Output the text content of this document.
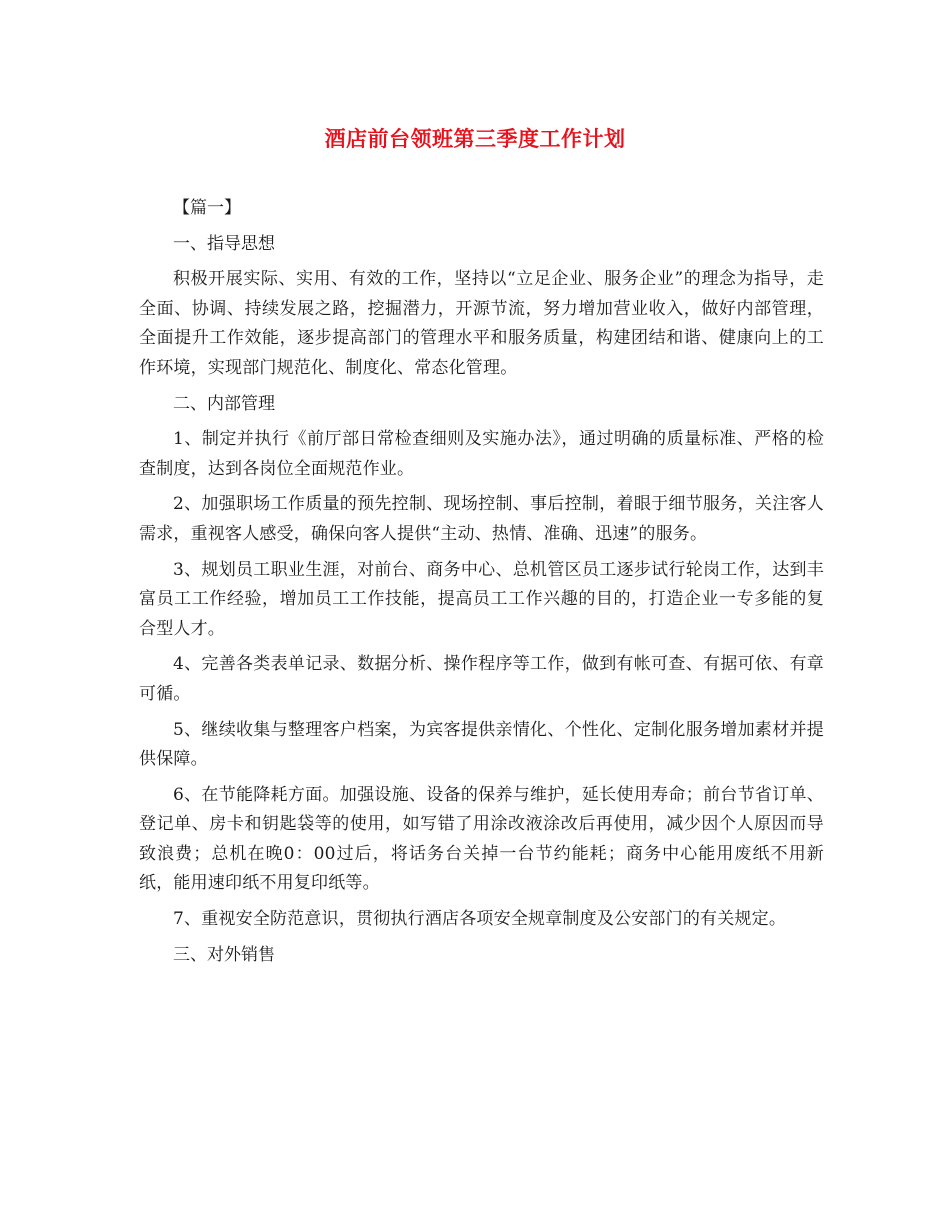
酒店前台领班第三季度工作计划
【篇一】
一、指导思想
积极开展实际、实用、有效的工作，坚持以“立足企业、服务企业”的理念为指导，走全面、协调、持续发展之路，挖掘潜力，开源节流，努力增加营业收入，做好内部管理，全面提升工作效能，逐步提高部门的管理水平和服务质量，构建团结和谐、健康向上的工作环境，实现部门规范化、制度化、常态化管理。
二、内部管理
1、制定并执行《前厅部日常检查细则及实施办法》，通过明确的质量标准、严格的检查制度，达到各岗位全面规范作业。
2、加强职场工作质量的预先控制、现场控制、事后控制，着眼于细节服务，关注客人需求，重视客人感受，确保向客人提供“主动、热情、准确、迅速”的服务。
3、规划员工职业生涯，对前台、商务中心、总机管区员工逐步试行轮岗工作，达到丰富员工工作经验，增加员工工作技能，提高员工工作兴趣的目的，打造企业一专多能的复合型人才。
4、完善各类表单记录、数据分析、操作程序等工作，做到有帐可查、有据可依、有章可循。
5、继续收集与整理客户档案，为宾客提供亲情化、个性化、定制化服务增加素材并提供保障。
6、在节能降耗方面。加强设施、设备的保养与维护，延长使用寿命；前台节省订单、登记单、房卡和钥匙袋等的使用，如写错了用涂改液涂改后再使用，减少因个人原因而导致浪费；总机在晚0：00过后，将话务台关掉一台节约能耗；商务中心能用废纸不用新纸，能用速印纸不用复印纸等。
7、重视安全防范意识，贯彻执行酒店各项安全规章制度及公安部门的有关规定。
三、对外销售
